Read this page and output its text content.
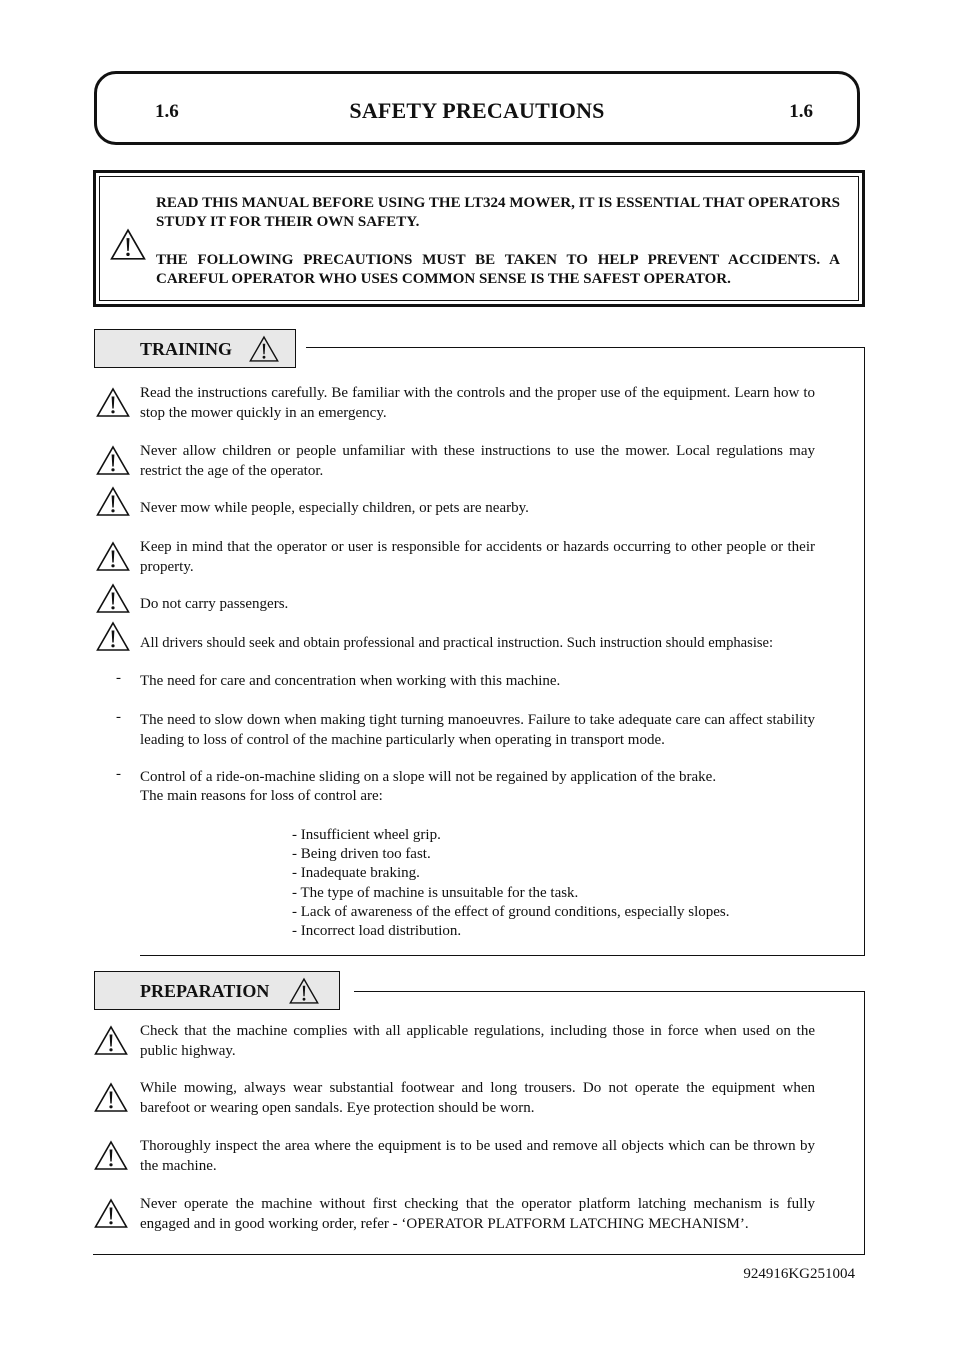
1.6	SAFETY PRECAUTIONS	1.6

READ THIS MANUAL BEFORE USING THE LT324 MOWER, IT IS ESSENTIAL THAT OPERATORS STUDY IT FOR THEIR OWN SAFETY.

THE FOLLOWING PRECAUTIONS MUST BE TAKEN TO HELP PREVENT ACCIDENTS. A CAREFUL OPERATOR WHO USES COMMON SENSE IS THE SAFEST OPERATOR.

TRAINING

Read the instructions carefully. Be familiar with the controls and the proper use of the equipment. Learn how to stop the mower quickly in an emergency.

Never allow children or people unfamiliar with these instructions to use the mower. Local regulations may restrict the age of the operator.

Never mow while people, especially children, or pets are nearby.

Keep in mind that the operator or user is responsible for accidents or hazards occurring to other people or their property.

Do not carry passengers.

All drivers should seek and obtain professional and practical instruction. Such instruction should emphasise:

- The need for care and concentration when working with this machine.

- The need to slow down when making tight turning manoeuvres. Failure to take adequate care can affect stability leading to loss of control of the machine particularly when operating in transport mode.

- Control of a ride-on-machine sliding on a slope will not be regained by application of the brake.

The main reasons for loss of control are:

- Insufficient wheel grip.
- Being driven too fast.
- Inadequate braking.
- The type of machine is unsuitable for the task.
- Lack of awareness of the effect of ground conditions, especially slopes.
- Incorrect load distribution.
PREPARATION

Check that the machine complies with all applicable regulations, including those in force when used on the public highway.

While mowing, always wear substantial footwear and long trousers. Do not operate the equipment when barefoot or wearing open sandals. Eye protection should be worn.

Thoroughly inspect the area where the equipment is to be used and remove all objects which can be thrown by the machine.

Never operate the machine without first checking that the operator platform latching mechanism is fully engaged and in good working order, refer - ‘OPERATOR PLATFORM LATCHING MECHANISM’.

924916KG251004
